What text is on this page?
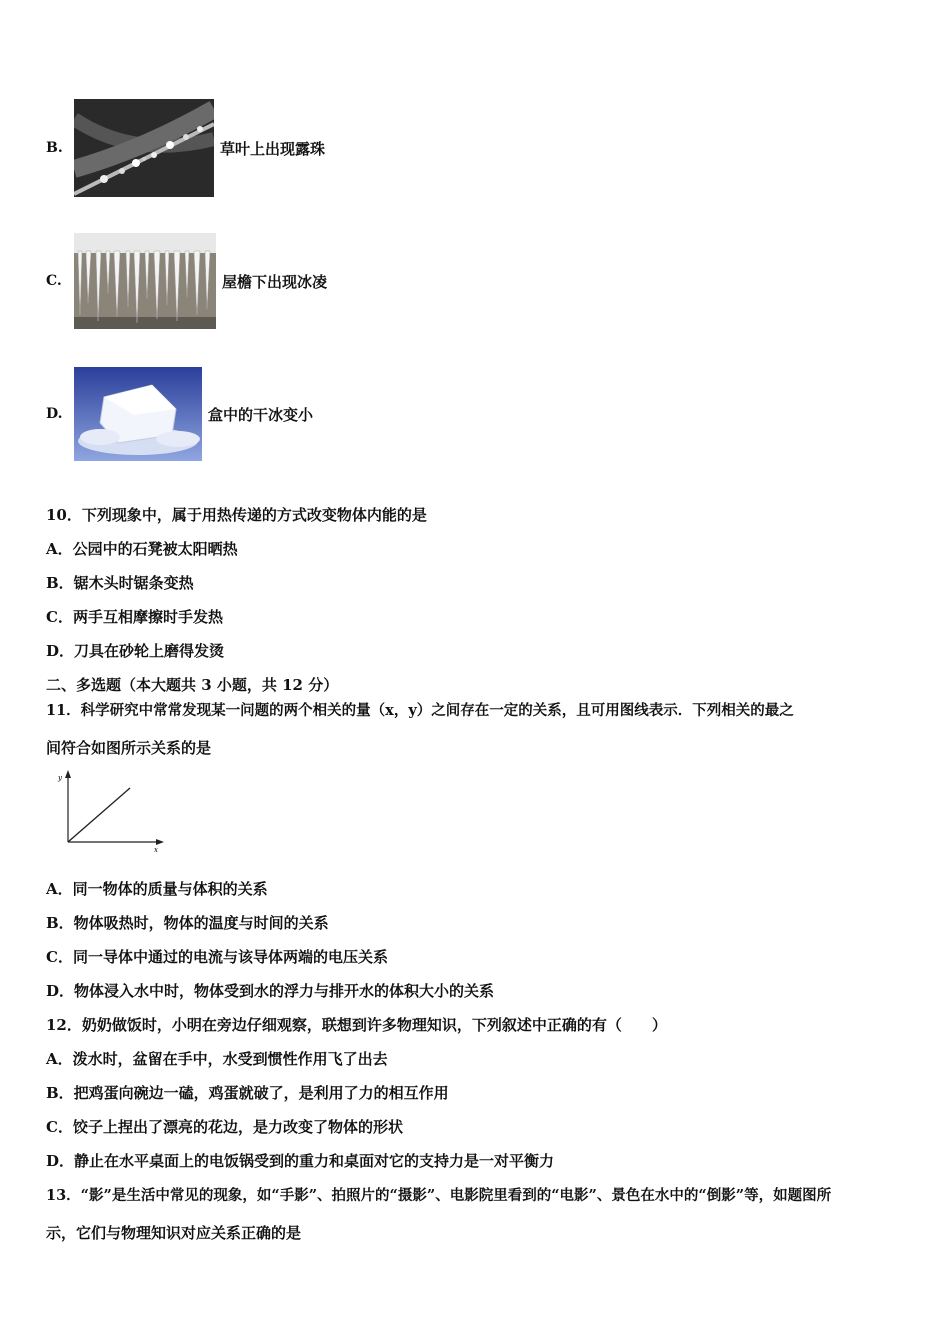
B.	草叶上出现露珠
C.	屋檐下出现冰凌
D.	盒中的干冰变小
10．下列现象中，属于用热传递的方式改变物体内能的是
A．公园中的石凳被太阳晒热
B．锯木头时锯条变热
C．两手互相摩擦时手发热
D．刀具在砂轮上磨得发烫
二、多选题（本大题共 3 小题，共 12 分）
11．科学研究中常常发现某一问题的两个相关的量（x，y）之间存在一定的关系，且可用图线表示．下列相关的最之
间符合如图所示关系的是
y
x
A．同一物体的质量与体积的关系
B．物体吸热时，物体的温度与时间的关系
C．同一导体中通过的电流与该导体两端的电压关系
D．物体浸入水中时，物体受到水的浮力与排开水的体积大小的关系
12．奶奶做饭时，小明在旁边仔细观察，联想到许多物理知识，下列叙述中正确的有（　　）
A．泼水时，盆留在手中，水受到惯性作用飞了出去
B．把鸡蛋向碗边一磕，鸡蛋就破了，是利用了力的相互作用
C．饺子上捏出了漂亮的花边，是力改变了物体的形状
D．静止在水平桌面上的电饭锅受到的重力和桌面对它的支持力是一对平衡力
13．“影”是生活中常见的现象，如“手影”、拍照片的“摄影”、电影院里看到的“电影”、景色在水中的“倒影”等，如题图所
示，它们与物理知识对应关系正确的是
